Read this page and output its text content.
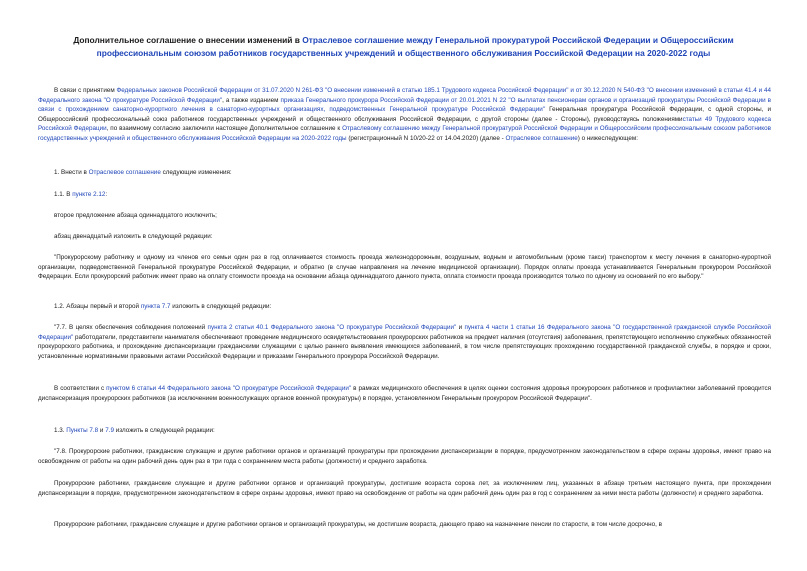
Дополнительное соглашение о внесении изменений в Отраслевое соглашение между Генеральной прокуратурой Российской Федерации и Общероссийским профессиональным союзом работников государственных учреждений и общественного обслуживания Российской Федерации на 2020-2022 годы

В связи с принятием Федеральных законов Российской Федерации от 31.07.2020 N 261-ФЗ "О внесении изменений в статью 185.1 Трудового кодекса Российской Федерации" и от 30.12.2020 N 540-ФЗ "О внесении изменений в статьи 41.4 и 44 Федерального закона "О прокуратуре Российской Федерации", а также изданием приказа Генерального прокурора Российской Федерации от 20.01.2021 N 22 "О выплатах пенсионерам органов и организаций прокуратуры Российской Федерации в связи с прохождением санаторно-курортного лечения в санаторно-курортных организациях, подведомственных Генеральной прокуратуре Российской Федерации" Генеральная прокуратура Российской Федерации, с одной стороны, и Общероссийский профессиональный союз работников государственных учреждений и общественного обслуживания Российской Федерации, с другой стороны (далее - Стороны), руководствуясь положениямистатьи 49 Трудового кодекса Российской Федерации, по взаимному согласию заключили настоящее Дополнительное соглашение к Отраслевому соглашению между Генеральной прокуратурой Российской Федерации и Общероссийским профессиональным союзом работников государственных учреждений и общественного обслуживания Российской Федерации на 2020-2022 годы (регистрационный N 10/20-22 от 14.04.2020) (далее - Отраслевое соглашение) о нижеследующем:

1. Внести в Отраслевое соглашение следующие изменения:

1.1. В пункте 2.12:

второе предложение абзаца одиннадцатого исключить;

абзац двенадцатый изложить в следующей редакции:

"Прокурорскому работнику и одному из членов его семьи один раз в год оплачивается стоимость проезда железнодорожным, воздушным, водным и автомобильным (кроме такси) транспортом к месту лечения в санаторно-курортной организации, подведомственной Генеральной прокуратуре Российской Федерации, и обратно (в случае направления на лечение медицинской организации). Порядок оплаты проезда устанавливается Генеральным прокурором Российской Федерации. Если прокурорский работник имеет право на оплату стоимости проезда на основании абзаца одиннадцатого данного пункта, оплата стоимости проезда производится только по одному из оснований по его выбору."

1.2. Абзацы первый и второй пункта 7.7 изложить в следующей редакции:

"7.7. В целях обеспечения соблюдения положений пункта 2 статьи 40.1 Федерального закона "О прокуратуре Российской Федерации" и пункта 4 части 1 статьи 16 Федерального закона "О государственной гражданской службе Российской Федерации" работодатели, представители нанимателя обеспечивают проведение медицинского освидетельствования прокурорских работников на предмет наличия (отсутствия) заболевания, препятствующего исполнению служебных обязанностей прокурорского работника, и прохождение диспансеризации гражданскими служащими с целью раннего выявления имеющихся заболеваний, в том числе препятствующих прохождению государственной гражданской службы, в порядке и сроки, установленные нормативными правовыми актами Российской Федерации и приказами Генерального прокурора Российской Федерации.

В соответствии с пунктом 6 статьи 44 Федерального закона "О прокуратуре Российской Федерации" в рамках медицинского обеспечения в целях оценки состояния здоровья прокурорских работников и профилактики заболеваний проводится диспансеризация прокурорских работников (за исключением военнослужащих органов военной прокуратуры) в порядке, установленном Генеральным прокурором Российской Федерации".

1.3. Пункты 7.8 и 7.9 изложить в следующей редакции:

"7.8. Прокурорские работники, гражданские служащие и другие работники органов и организаций прокуратуры при прохождении диспансеризации в порядке, предусмотренном законодательством в сфере охраны здоровья, имеют право на освобождение от работы на один рабочий день один раз в три года с сохранением места работы (должности) и среднего заработка.

Прокурорские работники, гражданские служащие и другие работники органов и организаций прокуратуры, достигшие возраста сорока лет, за исключением лиц, указанных в абзаце третьем настоящего пункта, при прохождении диспансеризации в порядке, предусмотренном законодательством в сфере охраны здоровья, имеют право на освобождение от работы на один рабочий день один раз в год с сохранением за ними места работы (должности) и среднего заработка.

Прокурорские работники, гражданские служащие и другие работники органов и организаций прокуратуры, не достигшие возраста, дающего право на назначение пенсии по старости, в том числе досрочно, в
